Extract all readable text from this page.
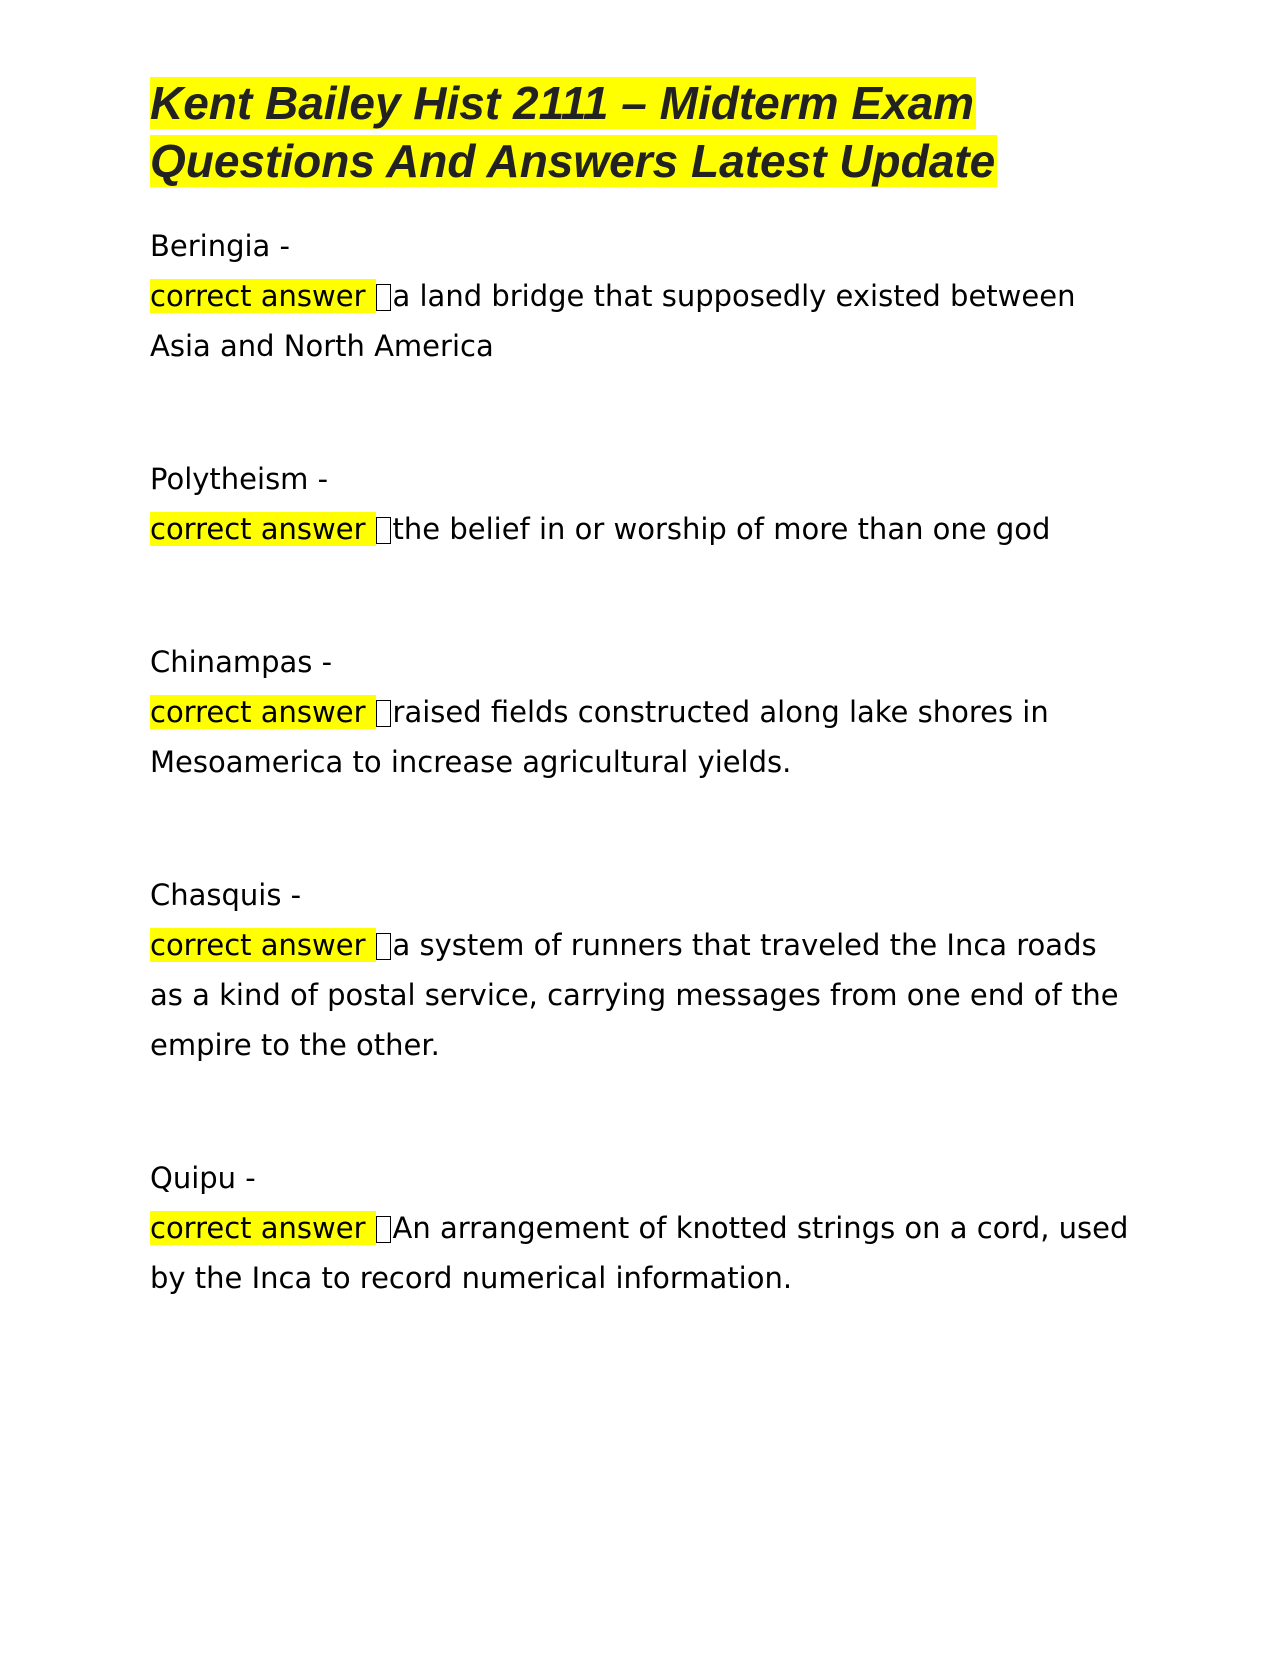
Kent Bailey Hist 2111 – Midterm Exam
Questions And Answers Latest Update
Beringia -
correct answer a land bridge that supposedly existed between Asia and North America
Polytheism -
correct answer the belief in or worship of more than one god
Chinampas -
correct answer raised fields constructed along lake shores in Mesoamerica to increase agricultural yields.
Chasquis -
correct answer a system of runners that traveled the Inca roads as a kind of postal service, carrying messages from one end of the empire to the other.
Quipu -
correct answer An arrangement of knotted strings on a cord, used by the Inca to record numerical information.
